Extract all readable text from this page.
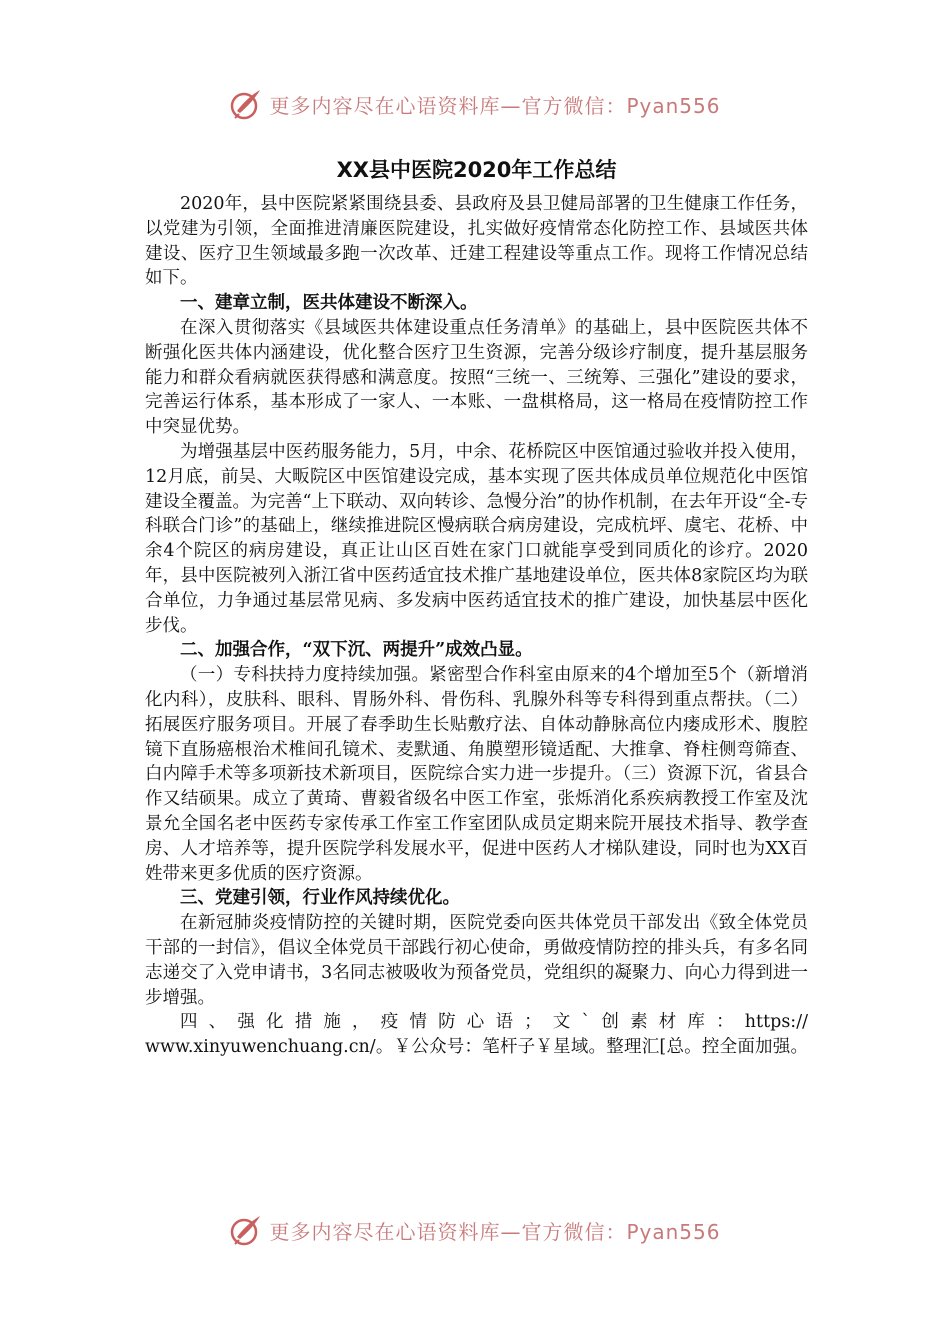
更多内容尽在心语资料库—官方微信：Pyan556
XX县中医院2020年工作总结

2020年，县中医院紧紧围绕县委、县政府及县卫健局部署的卫生健康工作任务，以党建为引领，全面推进清廉医院建设，扎实做好疫情常态化防控工作、县域医共体建设、医疗卫生领域最多跑一次改革、迁建工程建设等重点工作。现将工作情况总结如下。

一、建章立制，医共体建设不断深入。

在深入贯彻落实《县域医共体建设重点任务清单》的基础上，县中医院医共体不断强化医共体内涵建设，优化整合医疗卫生资源，完善分级诊疗制度，提升基层服务能力和群众看病就医获得感和满意度。按照“三统一、三统筹、三强化”建设的要求，完善运行体系，基本形成了一家人、一本账、一盘棋格局，这一格局在疫情防控工作中突显优势。

为增强基层中医药服务能力，5月，中余、花桥院区中医馆通过验收并投入使用，12月底，前吴、大畈院区中医馆建设完成，基本实现了医共体成员单位规范化中医馆建设全覆盖。为完善“上下联动、双向转诊、急慢分治”的协作机制，在去年开设“全-专科联合门诊”的基础上，继续推进院区慢病联合病房建设，完成杭坪、虞宅、花桥、中余4个院区的病房建设，真正让山区百姓在家门口就能享受到同质化的诊疗。2020年，县中医院被列入浙江省中医药适宜技术推广基地建设单位，医共体8家院区均为联合单位，力争通过基层常见病、多发病中医药适宜技术的推广建设，加快基层中医化步伐。

二、加强合作，“双下沉、两提升”成效凸显。

（一）专科扶持力度持续加强。紧密型合作科室由原来的4个增加至5个（新增消化内科），皮肤科、眼科、胃肠外科、骨伤科、乳腺外科等专科得到重点帮扶。（二）拓展医疗服务项目。开展了春季助生长贴敷疗法、自体动静脉高位内瘘成形术、腹腔镜下直肠癌根治术椎间孔镜术、麦默通、角膜塑形镜适配、大推拿、脊柱侧弯筛查、白内障手术等多项新技术新项目，医院综合实力进一步提升。（三）资源下沉，省县合作又结硕果。成立了黄琦、曹毅省级名中医工作室，张烁消化系疾病教授工作室及沈景允全国名老中医药专家传承工作室工作室团队成员定期来院开展技术指导、教学查房、人才培养等，提升医院学科发展水平，促进中医药人才梯队建设，同时也为XX百姓带来更多优质的医疗资源。

三、党建引领，行业作风持续优化。

在新冠肺炎疫情防控的关键时期，医院党委向医共体党员干部发出《致全体党员干部的一封信》，倡议全体党员干部践行初心使命，勇做疫情防控的排头兵，有多名同志递交了入党申请书，3名同志被吸收为预备党员，党组织的凝聚力、向心力得到进一步增强。

四、强化措施，疫情防心语；文`创素材库：https://

www.xinyuwenchuang.cn/。￥公众号：笔杆子￥星域。整理汇[总。控全面加强。

更多内容尽在心语资料库—官方微信：Pyan556
